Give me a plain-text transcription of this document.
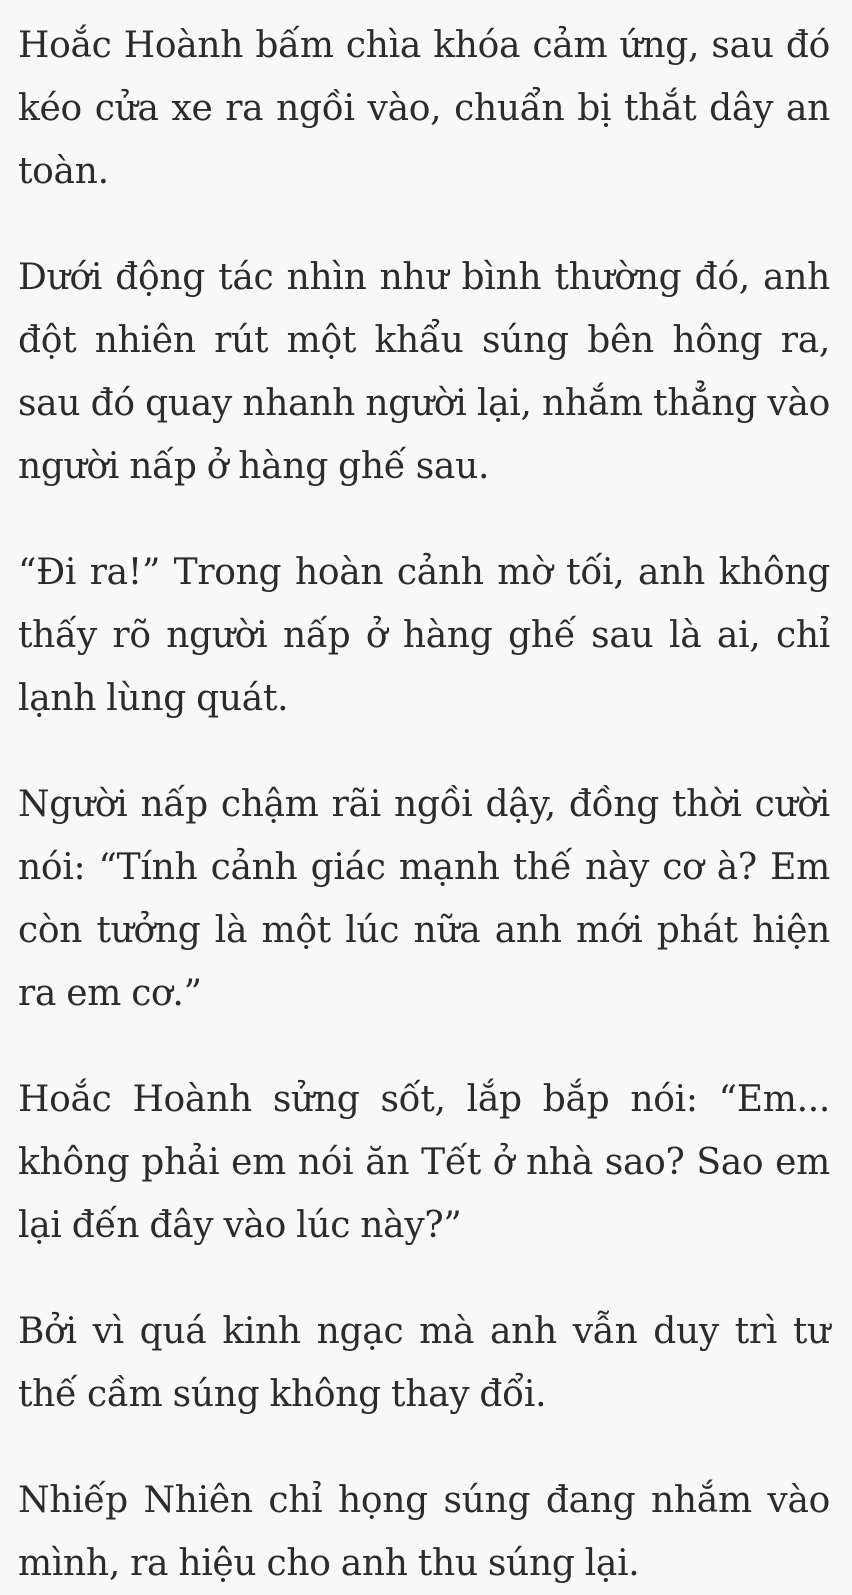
Hoắc Hoành bấm chìa khóa cảm ứng, sau đó kéo cửa xe ra ngồi vào, chuẩn bị thắt dây an toàn.

Dưới động tác nhìn như bình thường đó, anh đột nhiên rút một khẩu súng bên hông ra, sau đó quay nhanh người lại, nhắm thẳng vào người nấp ở hàng ghế sau.

“Đi ra!” Trong hoàn cảnh mờ tối, anh không thấy rõ người nấp ở hàng ghế sau là ai, chỉ lạnh lùng quát.

Người nấp chậm rãi ngồi dậy, đồng thời cười nói: “Tính cảnh giác mạnh thế này cơ à? Em còn tưởng là một lúc nữa anh mới phát hiện ra em cơ.”

Hoắc Hoành sửng sốt, lắp bắp nói: “Em... không phải em nói ăn Tết ở nhà sao? Sao em lại đến đây vào lúc này?”

Bởi vì quá kinh ngạc mà anh vẫn duy trì tư thế cầm súng không thay đổi.

Nhiếp Nhiên chỉ họng súng đang nhắm vào mình, ra hiệu cho anh thu súng lại.
